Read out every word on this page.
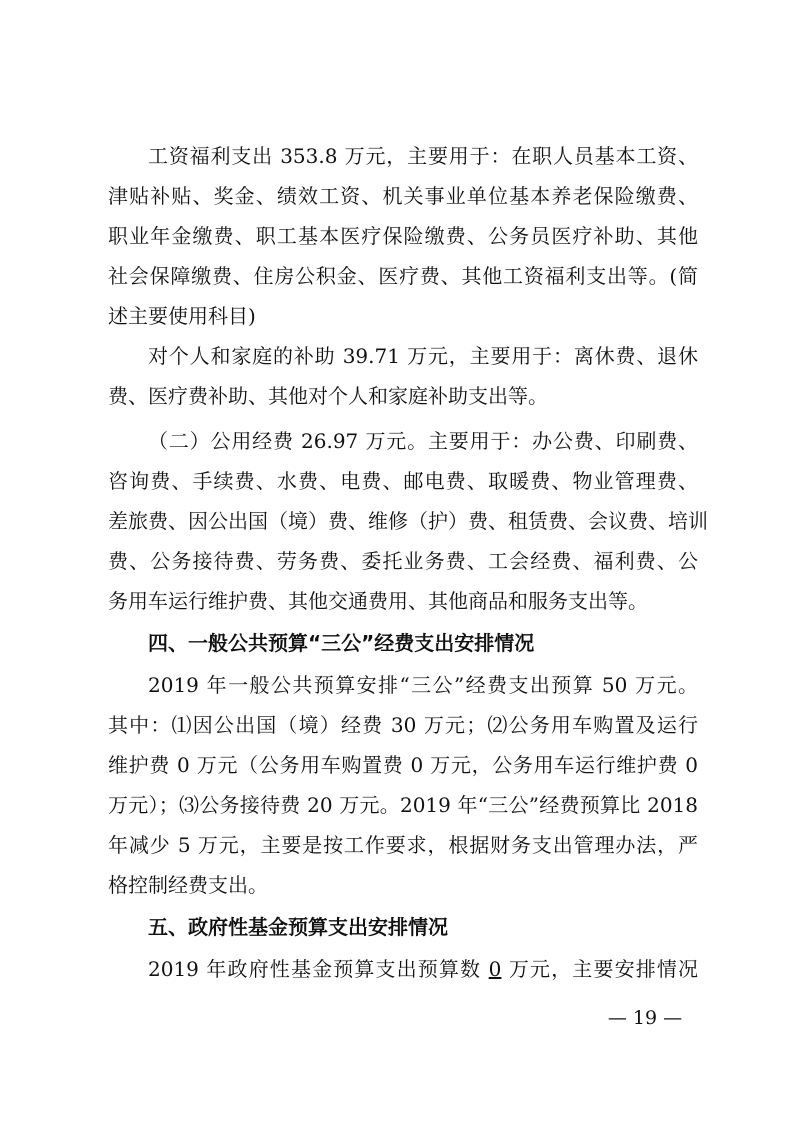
工资福利支出 353.8 万元，主要用于：在职人员基本工资、
津贴补贴、奖金、绩效工资、机关事业单位基本养老保险缴费、
职业年金缴费、职工基本医疗保险缴费、公务员医疗补助、其他
社会保障缴费、住房公积金、医疗费、其他工资福利支出等。(简
述主要使用科目)
对个人和家庭的补助 39.71 万元，主要用于：离休费、退休
费、医疗费补助、其他对个人和家庭补助支出等。
（二）公用经费 26.97 万元。主要用于：办公费、印刷费、
咨询费、手续费、水费、电费、邮电费、取暖费、物业管理费、
差旅费、因公出国（境）费、维修（护）费、租赁费、会议费、培训
费、公务接待费、劳务费、委托业务费、工会经费、福利费、公
务用车运行维护费、其他交通费用、其他商品和服务支出等。
四、一般公共预算“三公”经费支出安排情况
2019 年一般公共预算安排“三公”经费支出预算 50 万元。
其中：⑴因公出国（境）经费 30 万元；⑵公务用车购置及运行
维护费 0 万元（公务用车购置费 0 万元，公务用车运行维护费 0
万元）；⑶公务接待费 20 万元。2019 年“三公”经费预算比 2018
年减少 5 万元，主要是按工作要求，根据财务支出管理办法，严
格控制经费支出。
五、政府性基金预算支出安排情况
2019 年政府性基金预算支出预算数 0 万元，主要安排情况
— 19 —
